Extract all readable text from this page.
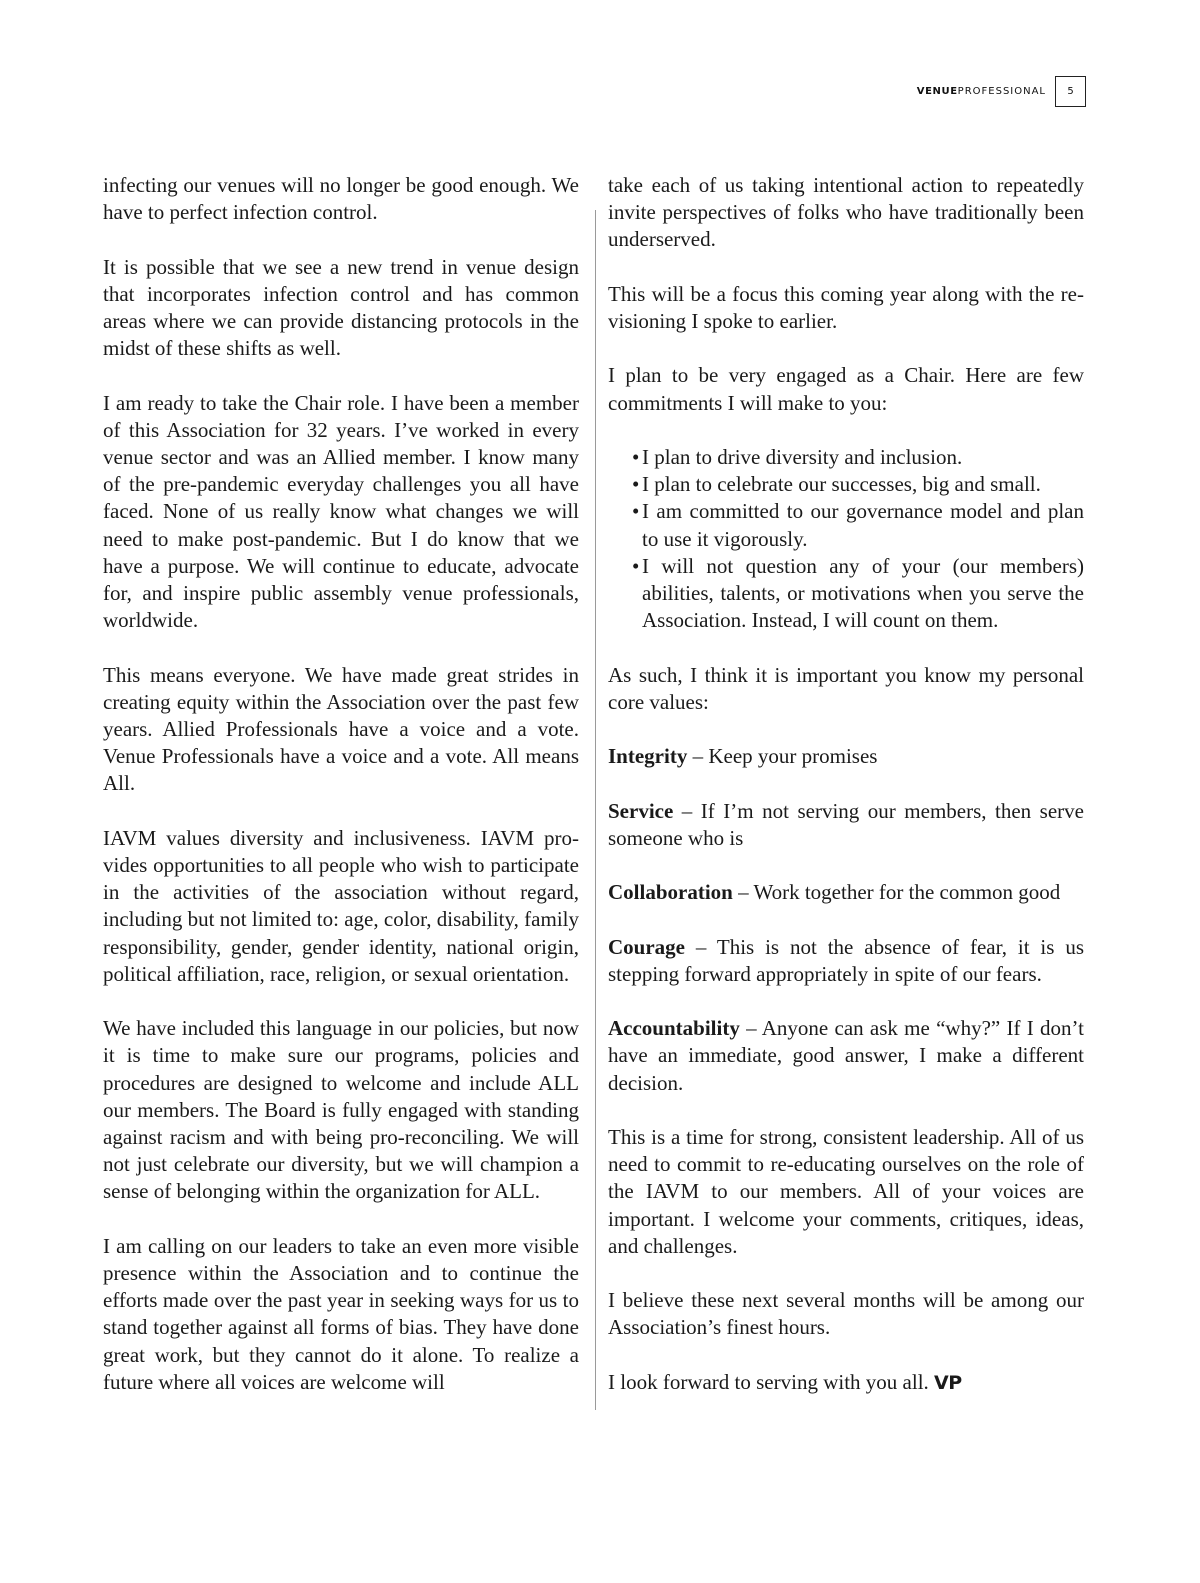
VENUEPROFESSIONAL	5

infecting our venues will no longer be good enough. We have to perfect infection control.

It is possible that we see a new trend in venue design that incorporates infection control and has common areas where we can provide distancing protocols in the midst of these shifts as well.

I am ready to take the Chair role. I have been a member of this Association for 32 years. I’ve worked in every venue sector and was an Allied member. I know many of the pre-pandemic everyday challenges you all have faced. None of us really know what changes we will need to make post-pandemic. But I do know that we have a purpose. We will continue to educate, advocate for, and inspire public assembly venue professionals, worldwide.

This means everyone. We have made great strides in creating equity within the Association over the past few years. Allied Professionals have a voice and a vote. Venue Professionals have a voice and a vote. All means All.

IAVM values diversity and inclusiveness. IAVM provides opportunities to all people who wish to participate in the activities of the association without regard, including but not limited to: age, color, disability, family responsibility, gender, gender identity, national origin, political affiliation, race, religion, or sexual orientation.

We have included this language in our policies, but now it is time to make sure our programs, policies and procedures are designed to welcome and include ALL our members. The Board is fully engaged with standing against racism and with being pro-reconciling. We will not just celebrate our diversity, but we will champion a sense of belonging within the organization for ALL.

I am calling on our leaders to take an even more visible presence within the Association and to continue the efforts made over the past year in seeking ways for us to stand together against all forms of bias. They have done great work, but they cannot do it alone. To realize a future where all voices are welcome will

take each of us taking intentional action to repeatedly invite perspectives of folks who have traditionally been underserved.

This will be a focus this coming year along with the re-visioning I spoke to earlier.

I plan to be very engaged as a Chair. Here are few commitments I will make to you:

• I plan to drive diversity and inclusion.
• I plan to celebrate our successes, big and small.
• I am committed to our governance model and plan to use it vigorously.
• I will not question any of your (our members) abilities, talents, or motivations when you serve the Association. Instead, I will count on them.

As such, I think it is important you know my personal core values:

Integrity – Keep your promises

Service – If I’m not serving our members, then serve someone who is

Collaboration – Work together for the common good

Courage – This is not the absence of fear, it is us stepping forward appropriately in spite of our fears.

Accountability – Anyone can ask me “why?” If I don’t have an immediate, good answer, I make a different decision.

This is a time for strong, consistent leadership. All of us need to commit to re-educating ourselves on the role of the IAVM to our members. All of your voices are important. I welcome your comments, critiques, ideas, and challenges.

I believe these next several months will be among our Association’s finest hours.

I look forward to serving with you all. VP
